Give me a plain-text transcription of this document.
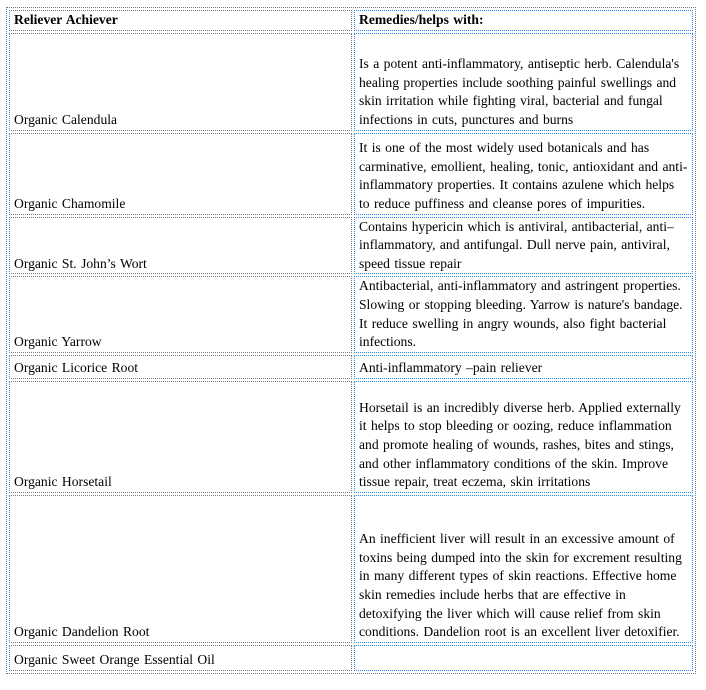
Reliever Achiever	Remedies/helps with:
Organic Calendula	Is a potent anti-inflammatory, antiseptic herb. Calendula's healing properties include soothing painful swellings and skin irritation while fighting viral, bacterial and fungal infections in cuts, punctures and burns
Organic Chamomile	It is one of the most widely used botanicals and has carminative, emollient, healing, tonic, antioxidant and anti-inflammatory properties. It contains azulene which helps to reduce puffiness and cleanse pores of impurities.
Organic St. John’s Wort	Contains hypericin which is antiviral, antibacterial, anti–inflammatory, and antifungal. Dull nerve pain, antiviral, speed tissue repair
Organic Yarrow	Antibacterial, anti-inflammatory and astringent properties. Slowing or stopping bleeding. Yarrow is nature's bandage. It reduce swelling in angry wounds, also fight bacterial infections.
Organic Licorice Root	Anti-inflammatory –pain reliever
Organic Horsetail	Horsetail is an incredibly diverse herb. Applied externally it helps to stop bleeding or oozing, reduce inflammation and promote healing of wounds, rashes, bites and stings, and other inflammatory conditions of the skin. Improve tissue repair, treat eczema, skin irritations
Organic Dandelion Root	An inefficient liver will result in an excessive amount of toxins being dumped into the skin for excrement resulting in many different types of skin reactions. Effective home skin remedies include herbs that are effective in detoxifying the liver which will cause relief from skin conditions. Dandelion root is an excellent liver detoxifier.
Organic Sweet Orange Essential Oil	
